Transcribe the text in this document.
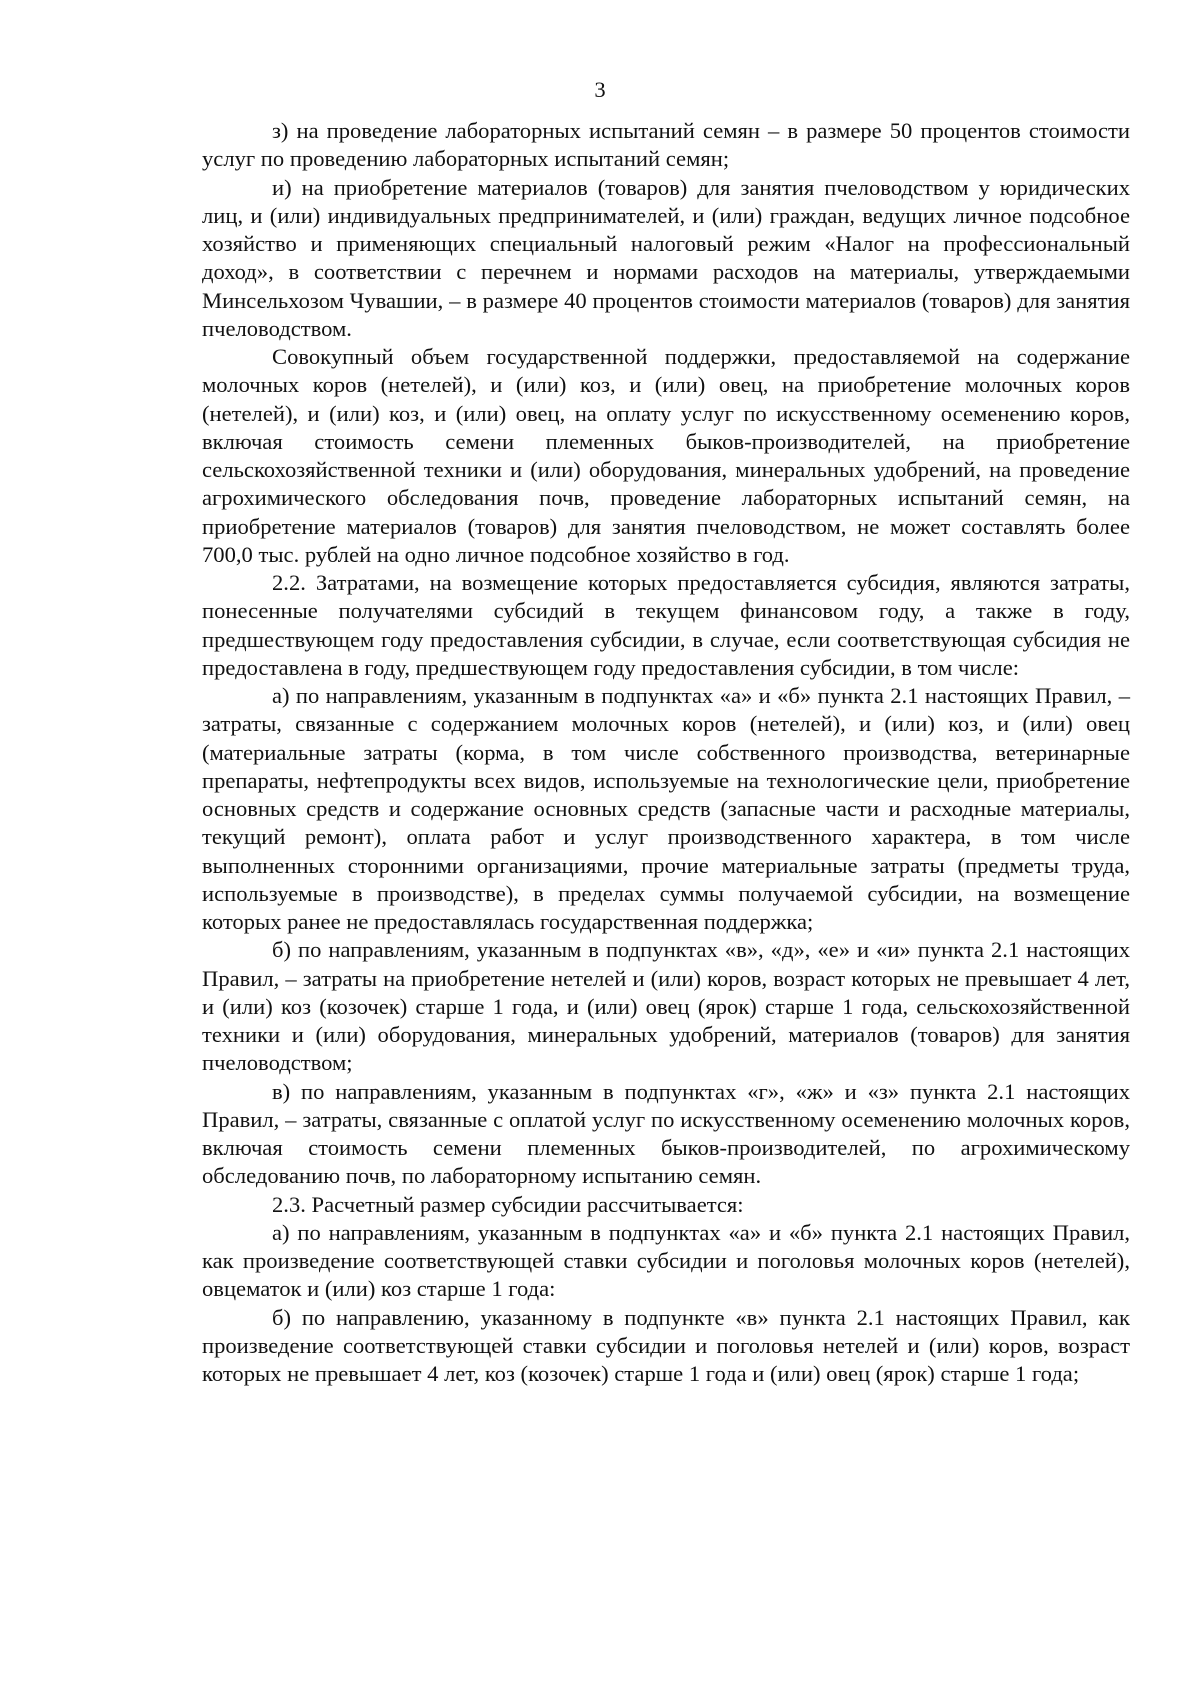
3

з) на проведение лабораторных испытаний семян – в размере 50 процентов стоимости услуг по проведению лабораторных испытаний семян;

и) на приобретение материалов (товаров) для занятия пчеловодством у юридических лиц, и (или) индивидуальных предпринимателей, и (или) граждан, ведущих личное подсобное хозяйство и применяющих специальный налоговый режим «Налог на профессиональный доход», в соответствии с перечнем и нормами расходов на материалы, утверждаемыми Минсельхозом Чувашии, – в размере 40 процентов стоимости материалов (товаров) для занятия пчеловодством.

Совокупный объем государственной поддержки, предоставляемой на содержание молочных коров (нетелей), и (или) коз, и (или) овец, на приобретение молочных коров (нетелей), и (или) коз, и (или) овец, на оплату услуг по искусственному осеменению коров, включая стоимость семени племенных быков-производителей, на приобретение сельскохозяйственной техники и (или) оборудования, минеральных удобрений, на проведение агрохимического обследования почв, проведение лабораторных испытаний семян, на приобретение материалов (товаров) для занятия пчеловодством, не может составлять более 700,0 тыс. рублей на одно личное подсобное хозяйство в год.

2.2. Затратами, на возмещение которых предоставляется субсидия, являются затраты, понесенные получателями субсидий в текущем финансовом году, а также в году, предшествующем году предоставления субсидии, в случае, если соответствующая субсидия не предоставлена в году, предшествующем году предоставления субсидии, в том числе:

а) по направлениям, указанным в подпунктах «а» и «б» пункта 2.1 настоящих Правил, – затраты, связанные с содержанием молочных коров (нетелей), и (или) коз, и (или) овец (материальные затраты (корма, в том числе собственного производства, ветеринарные препараты, нефтепродукты всех видов, используемые на технологические цели, приобретение основных средств и содержание основных средств (запасные части и расходные материалы, текущий ремонт), оплата работ и услуг производственного характера, в том числе выполненных сторонними организациями, прочие материальные затраты (предметы труда, используемые в производстве), в пределах суммы получаемой субсидии, на возмещение которых ранее не предоставлялась государственная поддержка;

б) по направлениям, указанным в подпунктах «в», «д», «е» и «и» пункта 2.1 настоящих Правил, – затраты на приобретение нетелей и (или) коров, возраст которых не превышает 4 лет, и (или) коз (козочек) старше 1 года, и (или) овец (ярок) старше 1 года, сельскохозяйственной техники и (или) оборудования, минеральных удобрений, материалов (товаров) для занятия пчеловодством;

в) по направлениям, указанным в подпунктах «г», «ж» и «з» пункта 2.1 настоящих Правил, – затраты, связанные с оплатой услуг по искусственному осеменению молочных коров, включая стоимость семени племенных быков-производителей, по агрохимическому обследованию почв, по лабораторному испытанию семян.

2.3. Расчетный размер субсидии рассчитывается:

а) по направлениям, указанным в подпунктах «а» и «б» пункта 2.1 настоящих Правил, как произведение соответствующей ставки субсидии и поголовья молочных коров (нетелей), овцематок и (или) коз старше 1 года:

б) по направлению, указанному в подпункте «в» пункта 2.1 настоящих Правил, как произведение соответствующей ставки субсидии и поголовья нетелей и (или) коров, возраст которых не превышает 4 лет, коз (козочек) старше 1 года и (или) овец (ярок) старше 1 года;
